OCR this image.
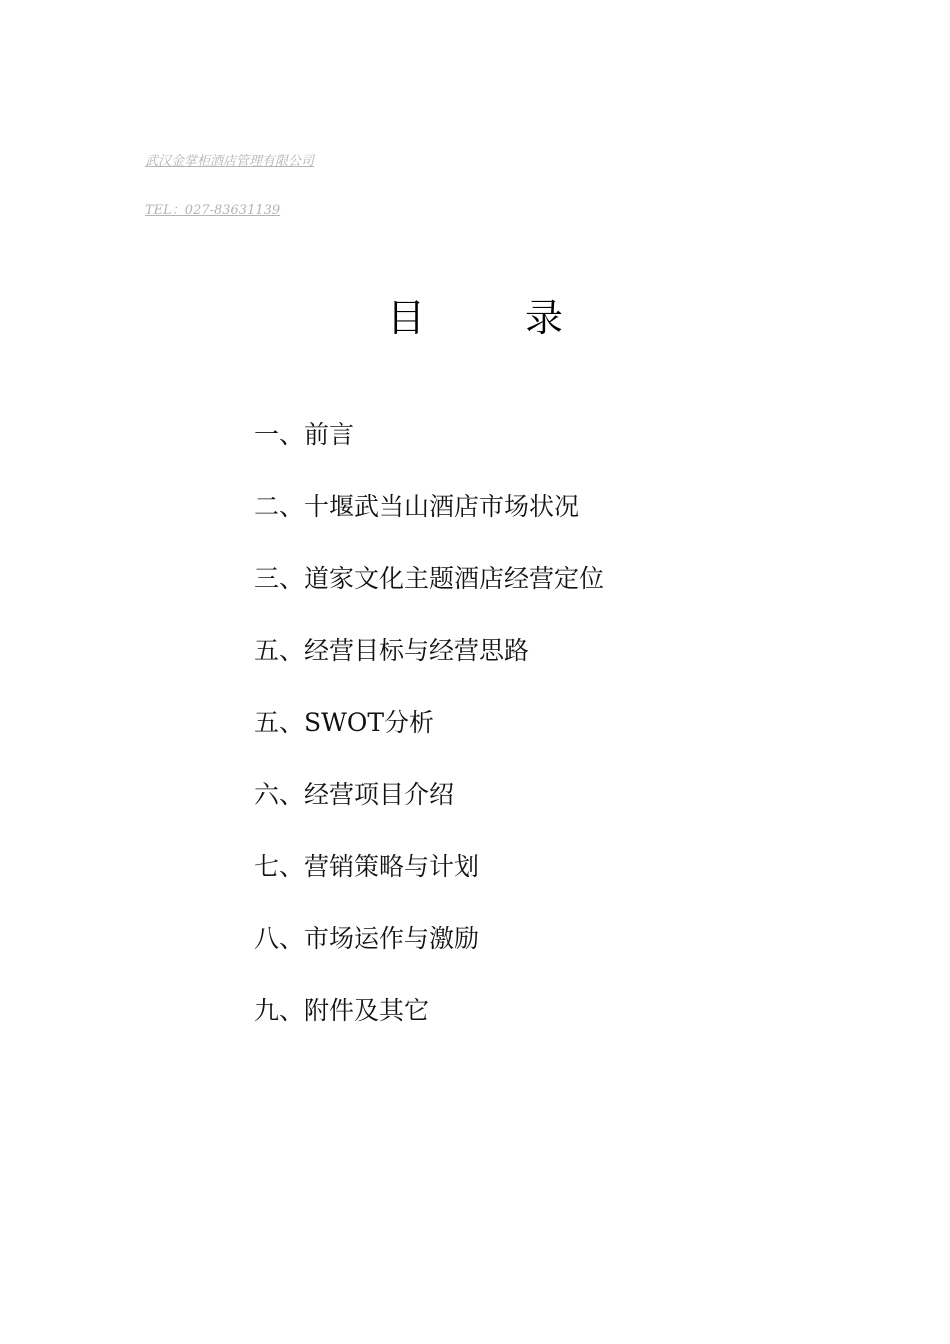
武汉金掌柜酒店管理有限公司
TEL：027-83631139
目	录
一、前言
二、十堰武当山酒店市场状况
三、道家文化主题酒店经营定位
五、经营目标与经营思路
五、SWOT分析
六、经营项目介绍
七、营销策略与计划
八、市场运作与激励
九、附件及其它
